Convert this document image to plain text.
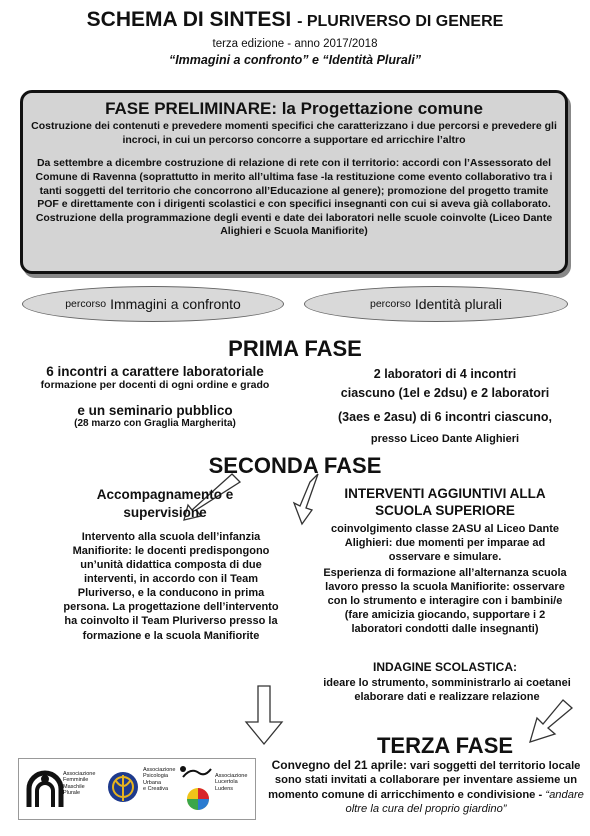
SCHEMA DI SINTESI - PLURIVERSO DI GENERE
terza edizione - anno 2017/2018
“Immagini a confronto” e “Identità Plurali”
FASE PRELIMINARE: la Progettazione comune

Costruzione dei contenuti e prevedere momenti specifici che caratterizzano i due percorsi e prevedere gli incroci, in cui un percorso concorre a supportare ed arricchire l’altro

Da settembre a dicembre costruzione di relazione di rete con il territorio: accordi con l’Assessorato del Comune di Ravenna (soprattutto in merito all’ultima fase -la restituzione come evento collaborativo tra i tanti soggetti del territorio che concorrono all’Educazione al genere); promozione del progetto tramite POF e direttamente con i dirigenti scolastici e con specifici insegnanti con cui si aveva già collaborato.

Costruzione della programmazione degli eventi e date dei laboratori nelle scuole coinvolte (Liceo Dante Alighieri e Scuola Manifiorite)

percorso Immagini a confronto	percorso Identità plurali
PRIMA FASE
6 incontri a carattere laboratoriale
formazione per docenti di ogni ordine e grado
e un seminario pubblico
(28 marzo con Graglia Margherita)
2 laboratori di 4 incontri
ciascuno (1el e 2dsu) e 2 laboratori
(3aes e 2asu) di 6 incontri ciascuno,
presso Liceo Dante Alighieri
SECONDA FASE
Accompagnamento e
supervisione
Intervento alla scuola dell’infanzia Manifiorite: le docenti predispongono un’unità didattica composta di due interventi, in accordo con il Team Pluriverso, e la conducono in prima persona. La progettazione dell’intervento ha coinvolto il Team Pluriverso presso la formazione e la scuola Manifiorite
INTERVENTI AGGIUNTIVI ALLA
SCUOLA SUPERIORE
coinvolgimento classe 2ASU al Liceo Dante Alighieri: due momenti per imparae ad osservare e simulare.
Esperienza di formazione all’alternanza scuola lavoro presso la scuola Manifiorite: osservare con lo strumento e interagire con i bambini/e (fare amicizia giocando, supportare i 2 laboratori condotti dalle insegnanti)
INDAGINE SCOLASTICA:
ideare lo strumento, somministrarlo ai coetanei elaborare dati e realizzare relazione
TERZA FASE
Convegno del 21 aprile: vari soggetti del territorio locale sono stati invitati a collaborare per inventare assieme un momento comune di arricchimento e condivisione - “andare oltre la cura del proprio giardino”
Associazione
Femminile
Maschile
Plurale
Associazione
Psicologia
Urbana
e Creativa
Associazione
Lucertola
Ludens
